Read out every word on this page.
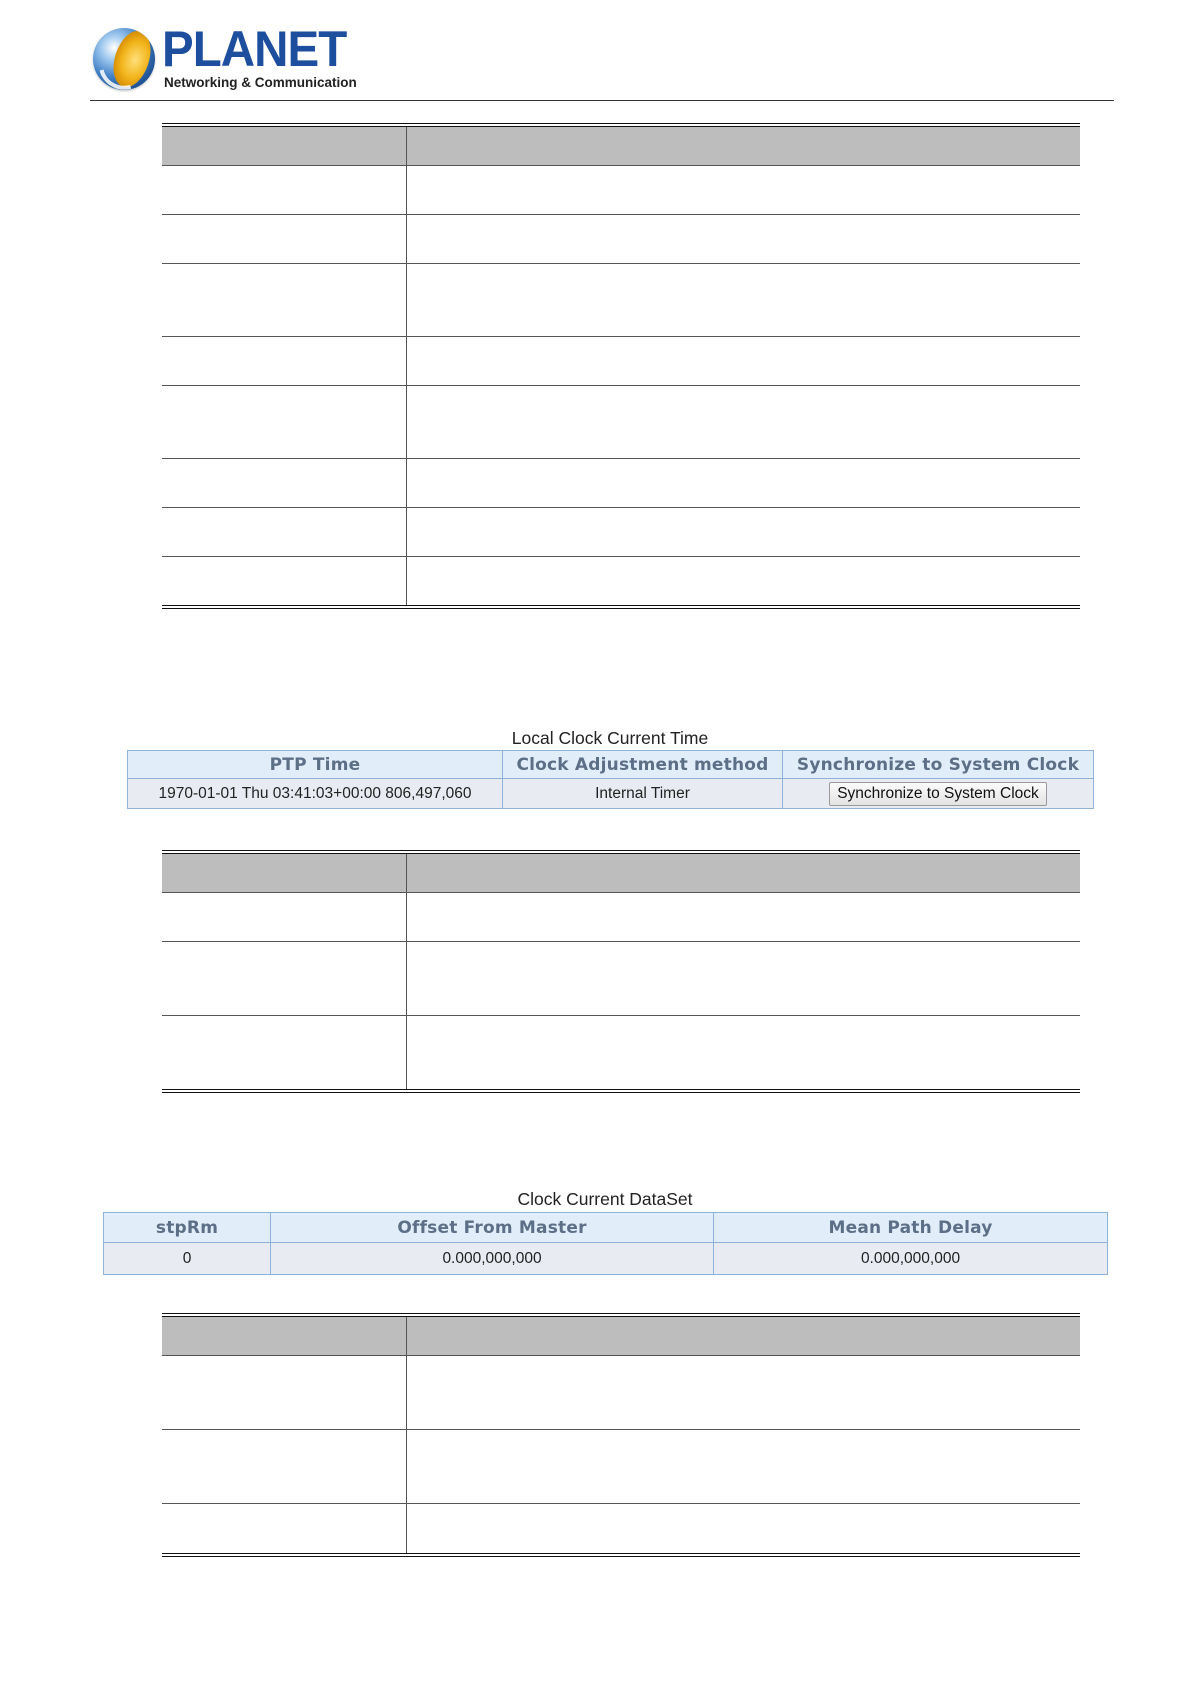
PLANET
Networking & Communication
Local Clock Current Time
PTP Time	Clock Adjustment method	Synchronize to System Clock
1970-01-01 Thu 03:41:03+00:00 806,497,060	Internal Timer	Synchronize to System Clock
Clock Current DataSet
stpRm	Offset From Master	Mean Path Delay
0	0.000,000,000	0.000,000,000
